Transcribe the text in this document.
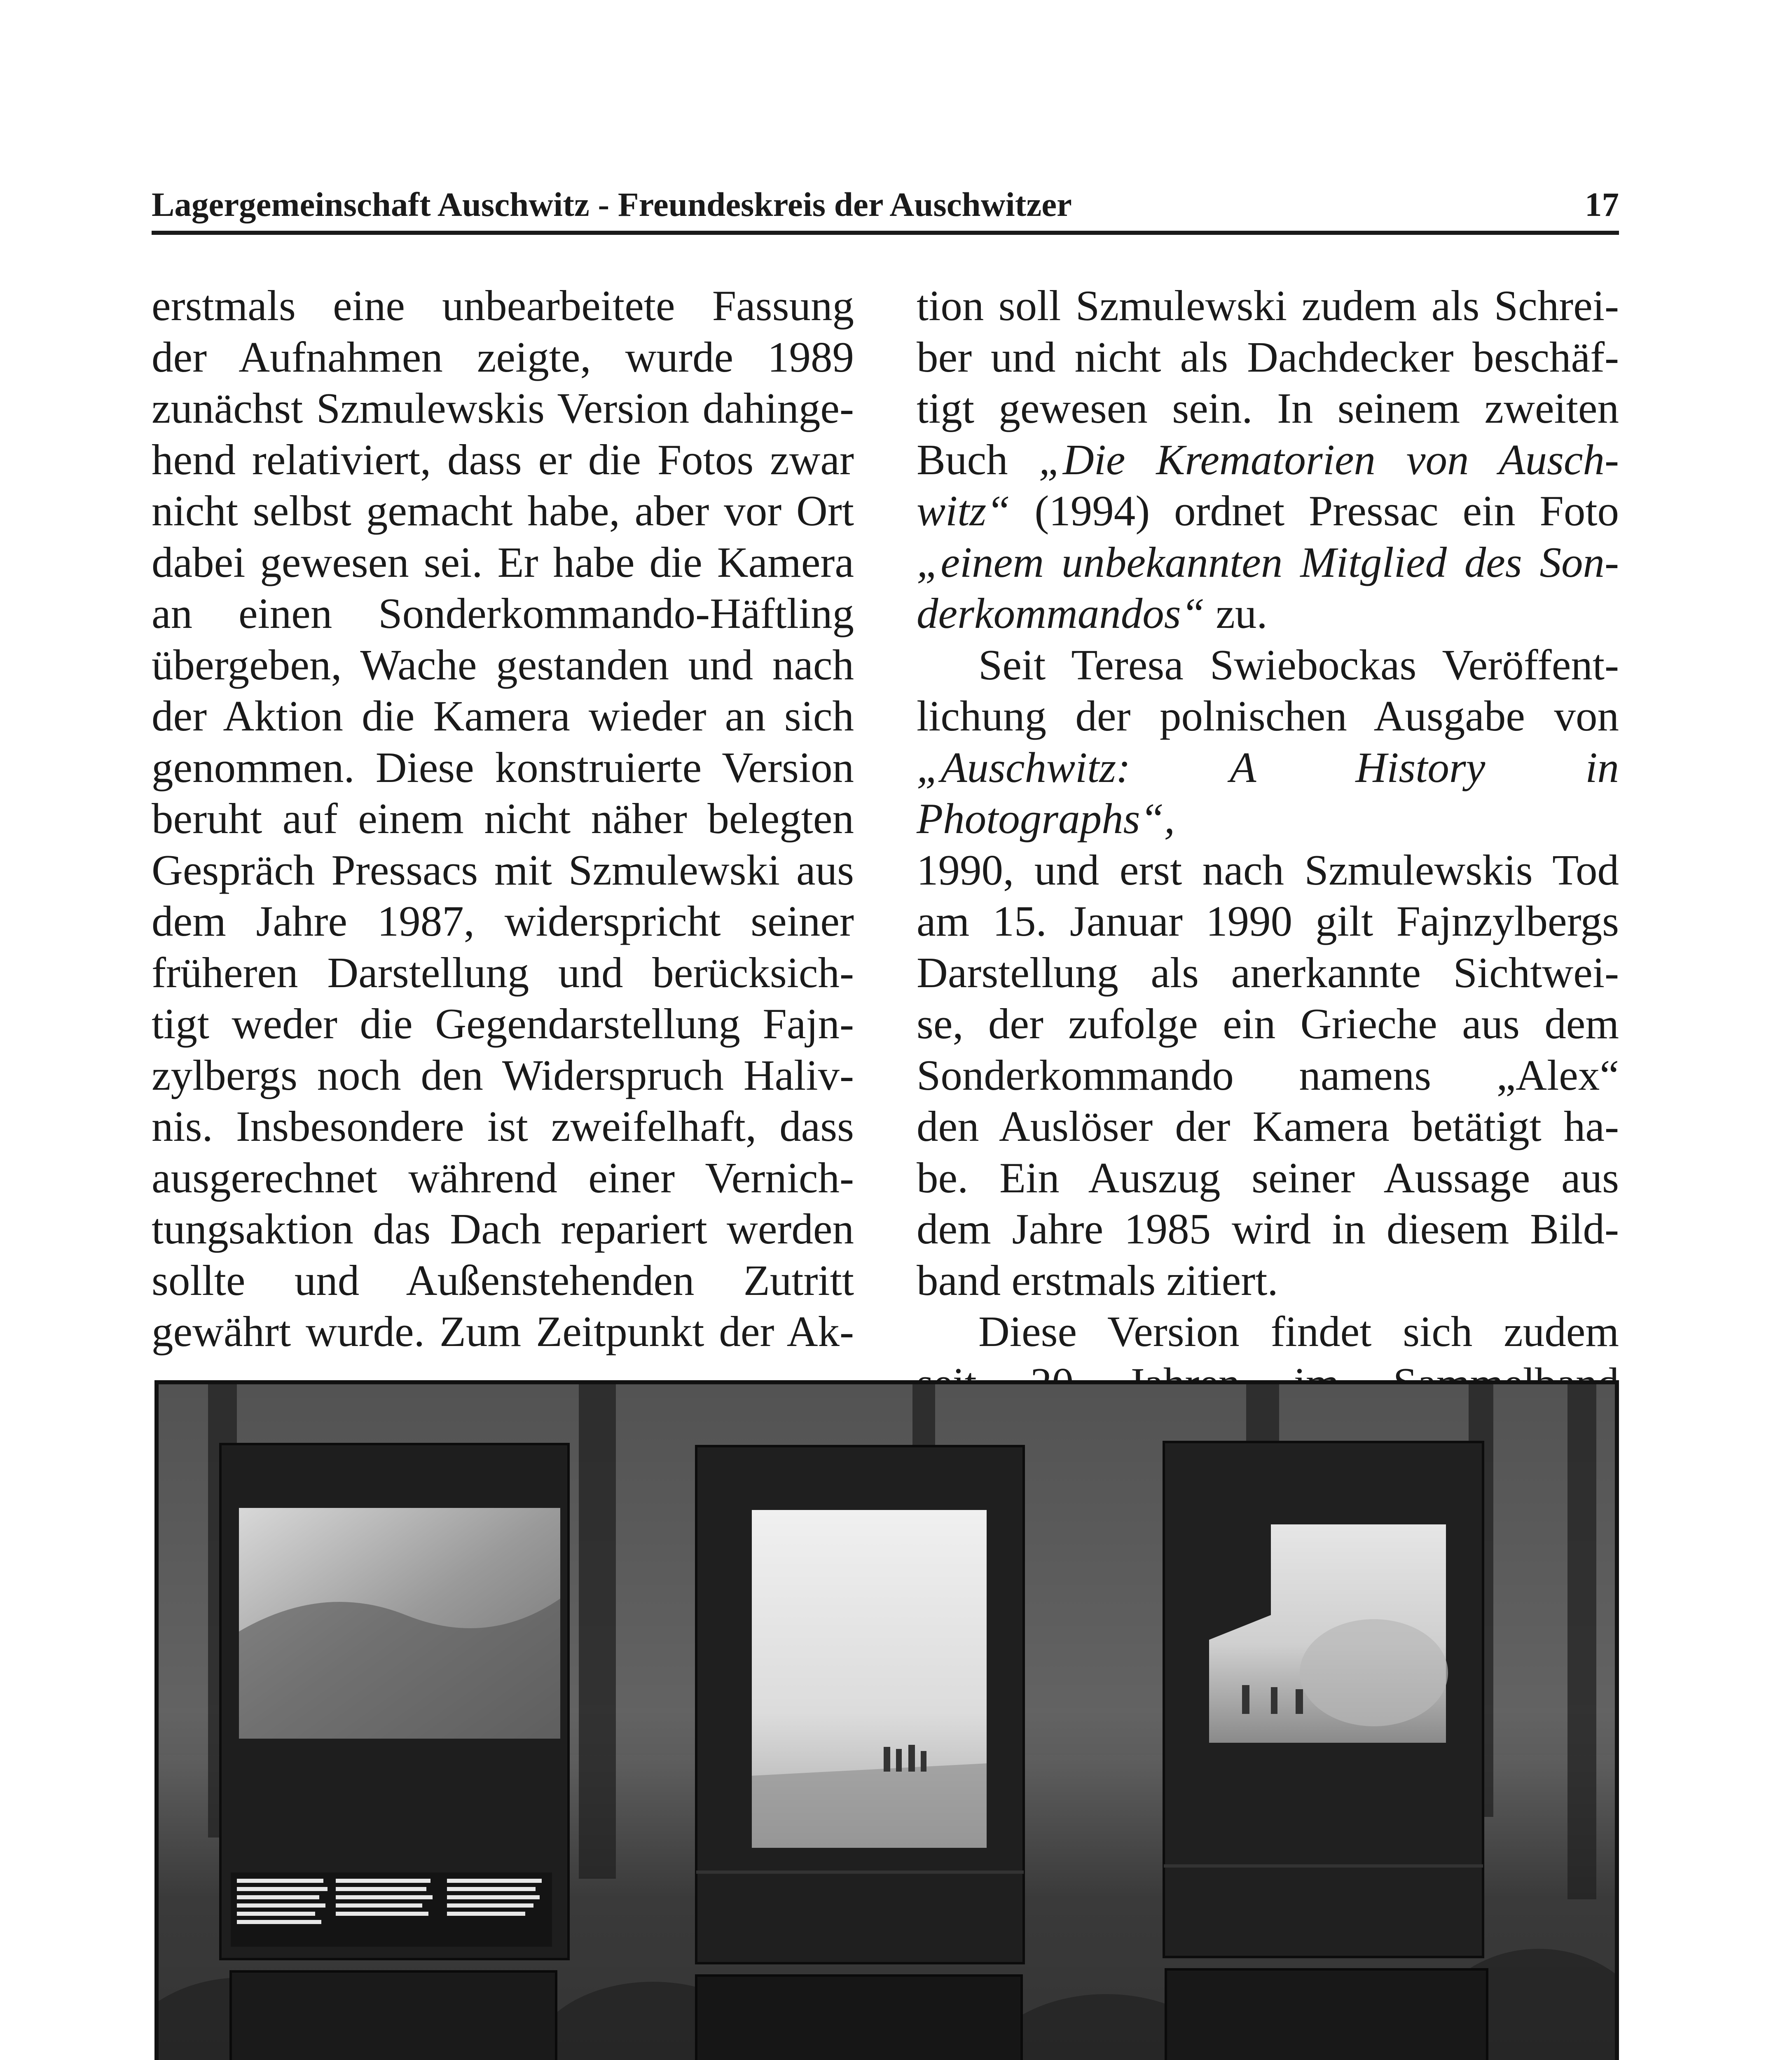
Lagergemeinschaft Auschwitz - Freundeskreis der Auschwitzer	17
erstmals eine unbearbeitete Fassung
der Aufnahmen zeigte, wurde 1989
zunächst Szmulewskis Version dahinge-
hend relativiert, dass er die Fotos zwar
nicht selbst gemacht habe, aber vor Ort
dabei gewesen sei. Er habe die Kamera
an einen Sonderkommando-Häftling
übergeben, Wache gestanden und nach
der Aktion die Kamera wieder an sich
genommen. Diese konstruierte Version
beruht auf einem nicht näher belegten
Gespräch Pressacs mit Szmulewski aus
dem Jahre 1987, widerspricht seiner
früheren Darstellung und berücksich-
tigt weder die Gegendarstellung Fajn-
zylbergs noch den Widerspruch Haliv-
nis. Insbesondere ist zweifelhaft, dass
ausgerechnet während einer Vernich-
tungsaktion das Dach repariert werden
sollte und Außenstehenden Zutritt
gewährt wurde. Zum Zeitpunkt der Ak-
tion soll Szmulewski zudem als Schrei-
ber und nicht als Dachdecker beschäf-
tigt gewesen sein. In seinem zweiten
Buch „Die Krematorien von Ausch-
witz“ (1994) ordnet Pressac ein Foto
„einem unbekannten Mitglied des Son-
derkommandos“ zu.
Seit Teresa Swiebockas Veröffent-
lichung der polnischen Ausgabe von
„Auschwitz: A History in Photographs“,
1990, und erst nach Szmulewskis Tod
am 15. Januar 1990 gilt Fajnzylbergs
Darstellung als anerkannte Sichtwei-
se, der zufolge ein Grieche aus dem
Sonderkommando namens „Alex“
den Auslöser der Kamera betätigt ha-
be. Ein Auszug seiner Aussage aus
dem Jahre 1985 wird in diesem Bild-
band erstmals zitiert.
Diese Version findet sich zudem
